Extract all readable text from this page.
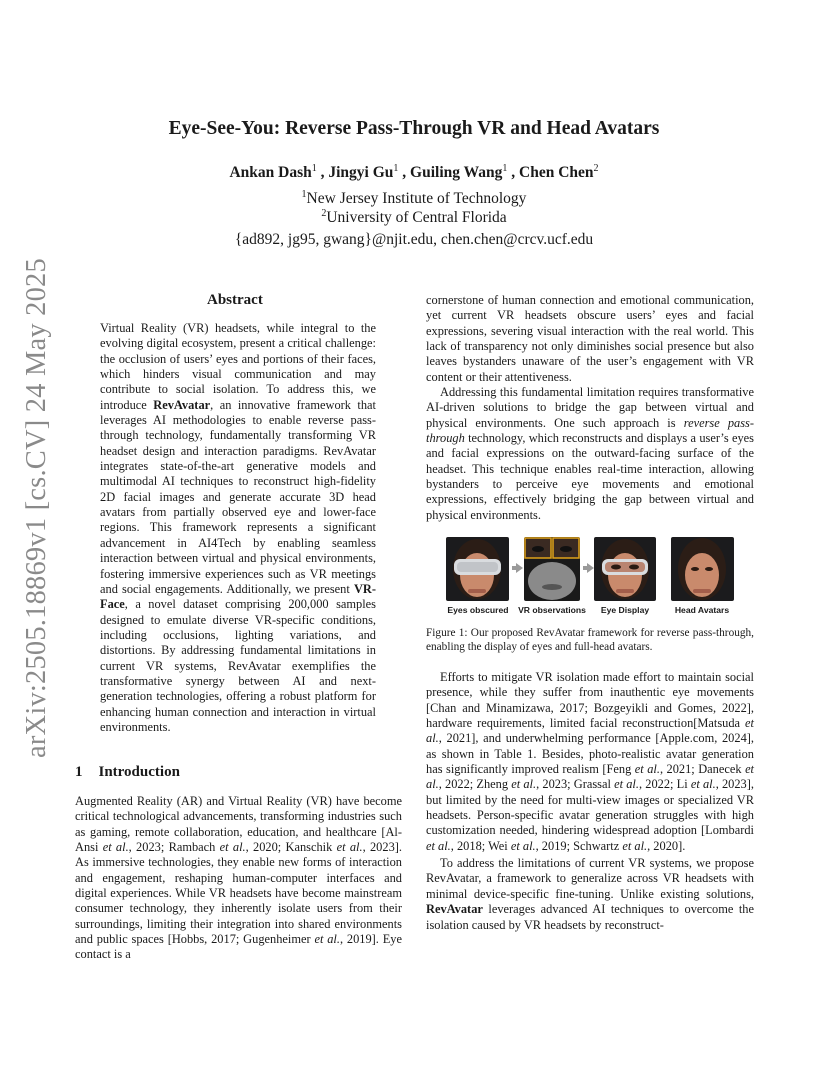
arXiv:2505.18869v1 [cs.CV] 24 May 2025
Eye-See-You: Reverse Pass-Through VR and Head Avatars
Ankan Dash$^1$ , Jingyi Gu$^1$ , Guiling Wang$^1$ , Chen Chen$^2$
$^1$New Jersey Institute of Technology
$^2$University of Central Florida
{ad892, jg95, gwang}@njit.edu, chen.chen@crcv.ucf.edu
Abstract

Virtual Reality (VR) headsets, while integral to the evolving digital ecosystem, present a critical challenge: the occlusion of users’ eyes and portions of their faces, which hinders visual communication and may contribute to social isolation. To address this, we introduce RevAvatar, an innovative framework that leverages AI methodologies to enable reverse pass-through technology, fundamentally transforming VR headset design and interaction paradigms. RevAvatar integrates state-of-the-art generative models and multimodal AI techniques to reconstruct high-fidelity 2D facial images and generate accurate 3D head avatars from partially observed eye and lower-face regions. This framework represents a significant advancement in AI4Tech by enabling seamless interaction between virtual and physical environments, fostering immersive experiences such as VR meetings and social engagements. Additionally, we present VR-Face, a novel dataset comprising 200,000 samples designed to emulate diverse VR-specific conditions, including occlusions, lighting variations, and distortions. By addressing fundamental limitations in current VR systems, RevAvatar exemplifies the transformative synergy between AI and next-generation technologies, offering a robust platform for enhancing human connection and interaction in virtual environments.

1 Introduction

Augmented Reality (AR) and Virtual Reality (VR) have become critical technological advancements, transforming industries such as gaming, remote collaboration, education, and healthcare [Al-Ansi et al., 2023; Rambach et al., 2020; Kanschik et al., 2023]. As immersive technologies, they enable new forms of interaction and engagement, reshaping human-computer interfaces and digital experiences. While VR headsets have become mainstream consumer technology, they inherently isolate users from their surroundings, limiting their integration into shared environments and public spaces [Hobbs, 2017; Gugenheimer et al., 2019]. Eye contact is a

cornerstone of human connection and emotional communication, yet current VR headsets obscure users’ eyes and facial expressions, severing visual interaction with the real world. This lack of transparency not only diminishes social presence but also leaves bystanders unaware of the user’s engagement with VR content or their attentiveness.

Addressing this fundamental limitation requires transformative AI-driven solutions to bridge the gap between virtual and physical environments. One such approach is reverse pass-through technology, which reconstructs and displays a user’s eyes and facial expressions on the outward-facing surface of the headset. This technique enables real-time interaction, allowing bystanders to perceive eye movements and emotional expressions, effectively bridging the gap between virtual and physical environments.

Eyes obscured	VR observations	Eye Display	Head Avatars
Figure 1: Our proposed RevAvatar framework for reverse pass-through, enabling the display of eyes and full-head avatars.

Efforts to mitigate VR isolation made effort to maintain social presence, while they suffer from inauthentic eye movements [Chan and Minamizawa, 2017; Bozgeyikli and Gomes, 2022], hardware requirements, limited facial reconstruction[Matsuda et al., 2021], and underwhelming performance [Apple.com, 2024], as shown in Table 1. Besides, photo-realistic avatar generation has significantly improved realism [Feng et al., 2021; Danecek et al., 2022; Zheng et al., 2023; Grassal et al., 2022; Li et al., 2023], but limited by the need for multi-view images or specialized VR headsets. Person-specific avatar generation struggles with high customization needed, hindering widespread adoption [Lombardi et al., 2018; Wei et al., 2019; Schwartz et al., 2020].

To address the limitations of current VR systems, we propose RevAvatar, a framework to generalize across VR headsets with minimal device-specific fine-tuning. Unlike existing solutions, RevAvatar leverages advanced AI techniques to overcome the isolation caused by VR headsets by reconstruct-
